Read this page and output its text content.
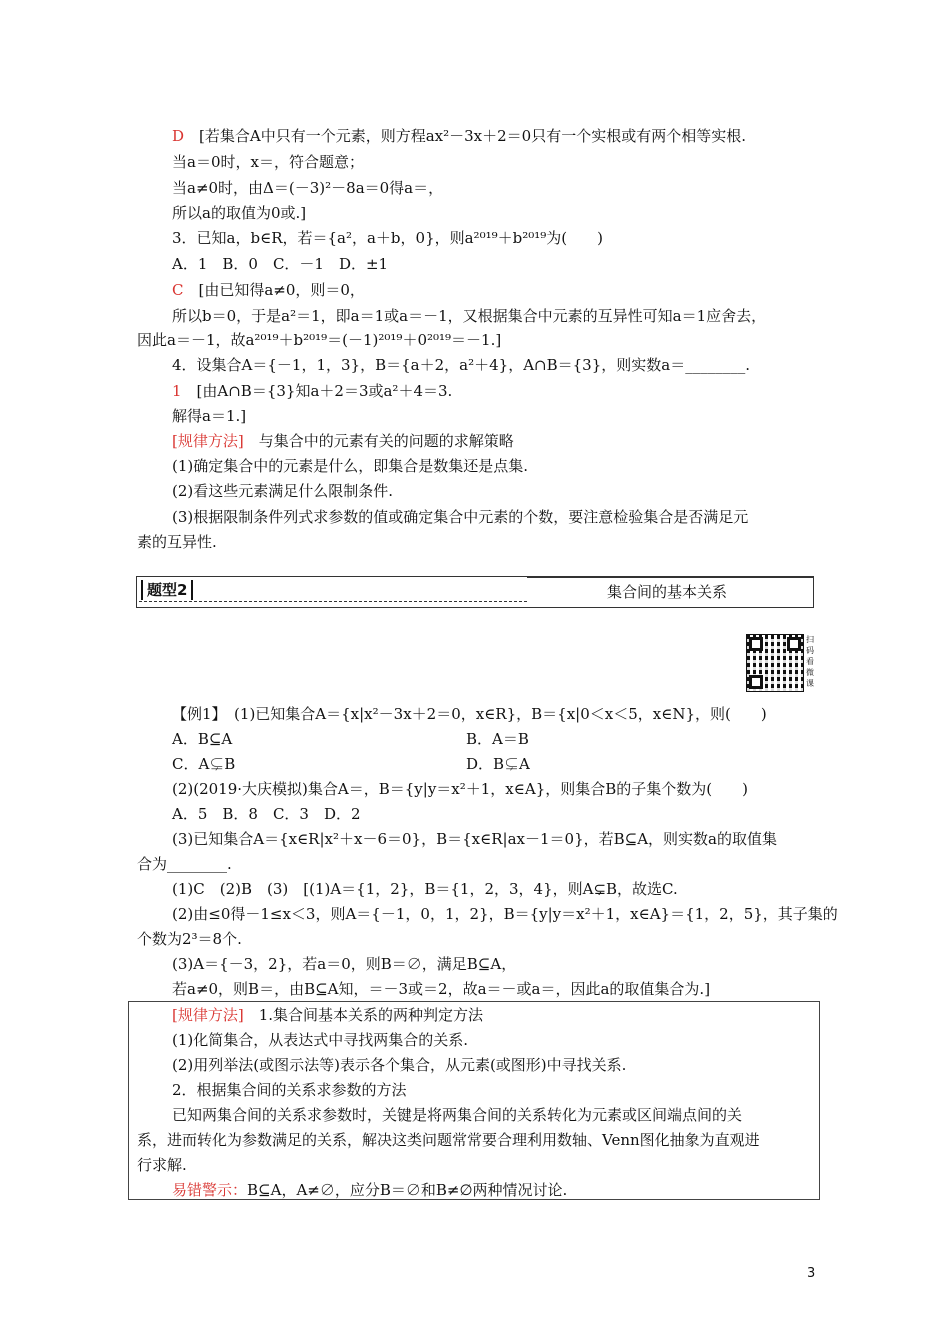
D　[若集合A中只有一个元素，则方程ax²－3x＋2＝0只有一个实根或有两个相等实根.
当a＝0时，x＝，符合题意；
当a≠0时，由Δ＝(－3)²－8a＝0得a＝，
所以a的取值为0或.]
3．已知a，b∈R，若＝{a²，a＋b，0}，则a²⁰¹⁹＋b²⁰¹⁹为(　　)
A．1　B．0　C．－1　D．±1
C　[由已知得a≠0，则＝0，
所以b＝0，于是a²＝1，即a＝1或a＝－1，又根据集合中元素的互异性可知a＝1应舍去，
因此a＝－1，故a²⁰¹⁹＋b²⁰¹⁹＝(－1)²⁰¹⁹＋0²⁰¹⁹＝－1.]
4．设集合A＝{－1，1，3}，B＝{a＋2，a²＋4}，A∩B＝{3}，则实数a＝________.
1　[由A∩B＝{3}知a＋2＝3或a²＋4＝3.
解得a＝1.]
[规律方法]　与集合中的元素有关的问题的求解策略
(1)确定集合中的元素是什么，即集合是数集还是点集.
(2)看这些元素满足什么限制条件.
(3)根据限制条件列式求参数的值或确定集合中元素的个数，要注意检验集合是否满足元
素的互异性.
题型2	集合间的基本关系
扫码看微课
【例1】　(1)已知集合A＝{x|x²－3x＋2＝0，x∈R}，B＝{x|0＜x＜5，x∈N}，则(　　)
A．B⊆A	B．A＝B
C．A⊊B	D．B⊊A
(2)(2019·大庆模拟)集合A＝，B＝{y|y＝x²＋1，x∈A}，则集合B的子集个数为(　　)
A．5　B．8　C．3　D．2
(3)已知集合A＝{x∈R|x²＋x－6＝0}，B＝{x∈R|ax－1＝0}，若B⊆A，则实数a的取值集
合为________.
(1)C　(2)B　(3)　[(1)A＝{1，2}，B＝{1，2，3，4}，则A⊊B，故选C.
(2)由≤0得－1≤x＜3，则A＝{－1，0，1，2}，B＝{y|y＝x²＋1，x∈A}＝{1，2，5}，其子集的
个数为2³＝8个.
(3)A＝{－3，2}，若a＝0，则B＝∅，满足B⊆A，
若a≠0，则B＝，由B⊆A知，＝－3或＝2，故a＝－或a＝，因此a的取值集合为.]
[规律方法]　1.集合间基本关系的两种判定方法
(1)化简集合，从表达式中寻找两集合的关系.
(2)用列举法(或图示法等)表示各个集合，从元素(或图形)中寻找关系.
2．根据集合间的关系求参数的方法
已知两集合间的关系求参数时，关键是将两集合间的关系转化为元素或区间端点间的关
系，进而转化为参数满足的关系，解决这类问题常常要合理利用数轴、Venn图化抽象为直观进
行求解.
易错警示：B⊆A，A≠∅，应分B＝∅和B≠∅两种情况讨论.
3
